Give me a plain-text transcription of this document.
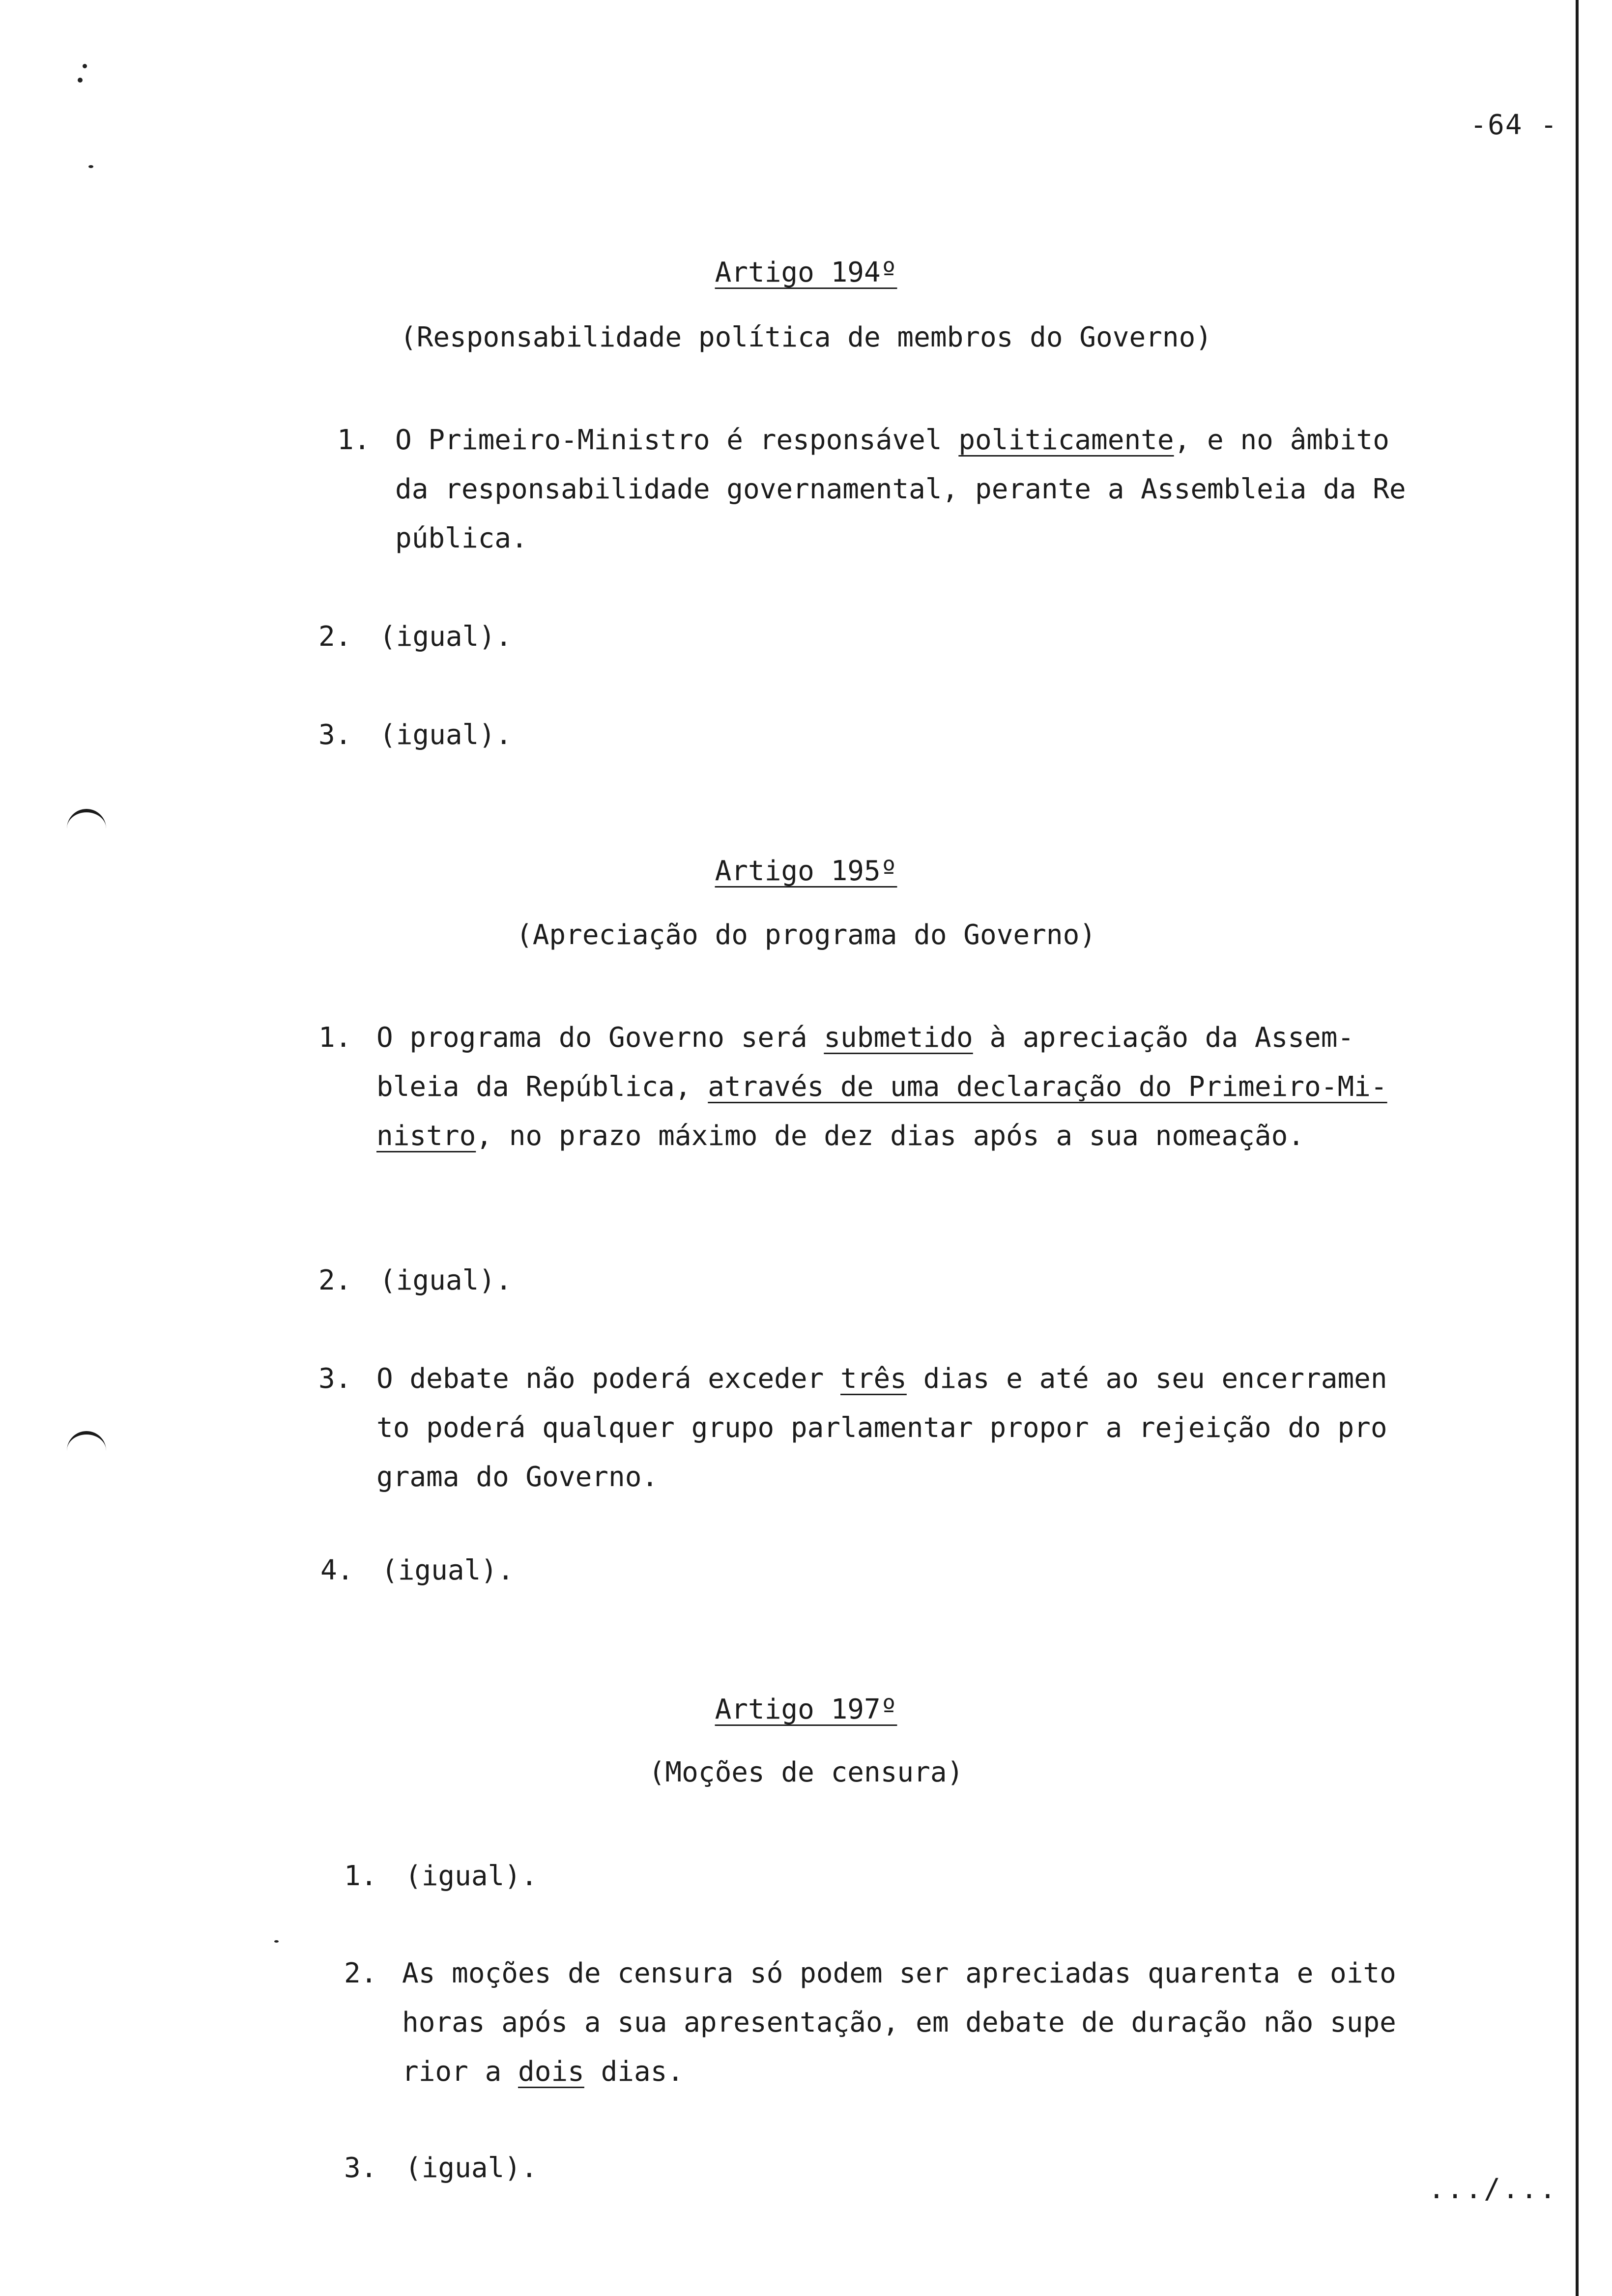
-64 -
Artigo 194º
(Responsabilidade política de membros do Governo)
1. O Primeiro-Ministro é responsável politicamente, e no âmbito
da responsabilidade governamental, perante a Assembleia da Re
pública.
2. (igual).
3. (igual).
Artigo 195º
(Apreciação do programa do Governo)
1. O programa do Governo será submetido à apreciação da Assem-
bleia da República, através de uma declaração do Primeiro-Mi-
nistro, no prazo máximo de dez dias após a sua nomeação.
2. (igual).
3. O debate não poderá exceder três dias e até ao seu encerramen
to poderá qualquer grupo parlamentar propor a rejeição do pro
grama do Governo.
4. (igual).
Artigo 197º
(Moções de censura)
1. (igual).
2. As moções de censura só podem ser apreciadas quarenta e oito
horas após a sua apresentação, em debate de duração não supe
rior a dois dias.
3. (igual).
.../...
